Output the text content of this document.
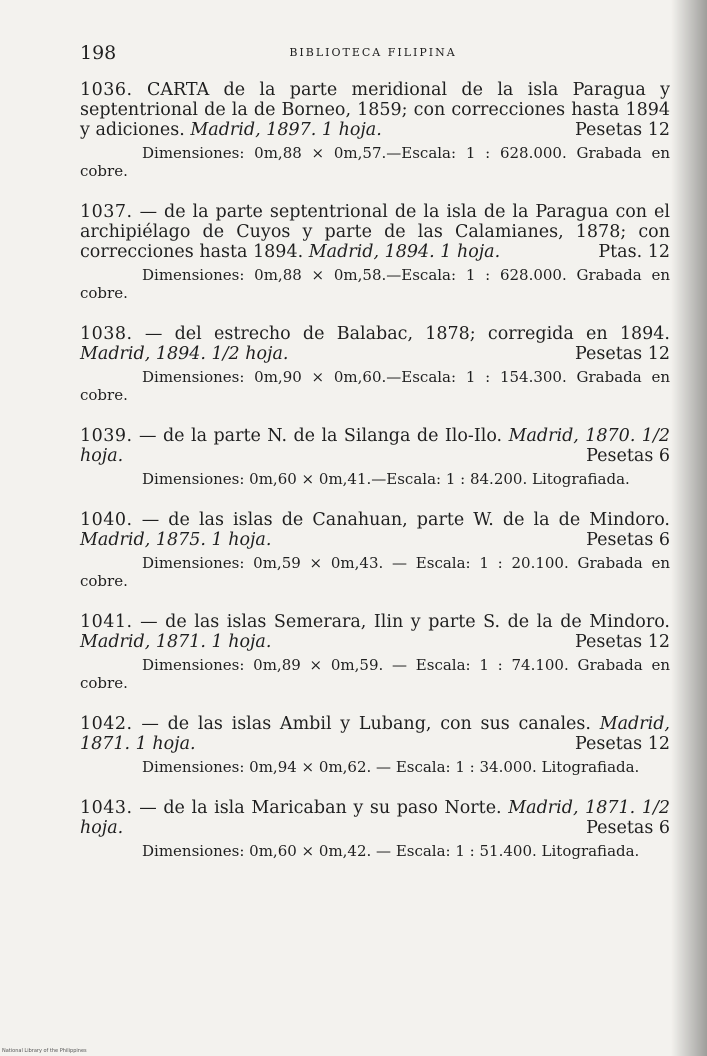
198	BIBLIOTECA FILIPINA
1036. CARTA de la parte meridional de la isla Paragua y septentrional de la de Borneo, 1859; con correcciones hasta 1894 y adiciones. Madrid, 1897. 1 hoja.	Pesetas 12
Dimensiones: 0m,88 × 0m,57.—Escala: 1 : 628.000. Grabada en cobre.
1037. — de la parte septentrional de la isla de la Paragua con el archipiélago de Cuyos y parte de las Calamianes, 1878; con correcciones hasta 1894. Madrid, 1894. 1 hoja.	Ptas. 12
Dimensiones: 0m,88 × 0m,58.—Escala: 1 : 628.000. Grabada en cobre.
1038. — del estrecho de Balabac, 1878; corregida en 1894. Madrid, 1894. 1/2 hoja.	Pesetas 12
Dimensiones: 0m,90 × 0m,60.—Escala: 1 : 154.300. Grabada en cobre.
1039. — de la parte N. de la Silanga de Ilo-Ilo. Madrid, 1870. 1/2 hoja.	Pesetas 6
Dimensiones: 0m,60 × 0m,41.—Escala: 1 : 84.200. Litografiada.
1040. — de las islas de Canahuan, parte W. de la de Mindoro. Madrid, 1875. 1 hoja.	Pesetas 6
Dimensiones: 0m,59 × 0m,43. — Escala: 1 : 20.100. Grabada en cobre.
1041. — de las islas Semerara, Ilin y parte S. de la de Mindoro. Madrid, 1871. 1 hoja.	Pesetas 12
Dimensiones: 0m,89 × 0m,59. — Escala: 1 : 74.100. Grabada en cobre.
1042. — de las islas Ambil y Lubang, con sus canales. Madrid, 1871. 1 hoja.	Pesetas 12
Dimensiones: 0m,94 × 0m,62. — Escala: 1 : 34.000. Litografiada.
1043. — de la isla Maricaban y su paso Norte. Madrid, 1871. 1/2 hoja.	Pesetas 6
Dimensiones: 0m,60 × 0m,42. — Escala: 1 : 51.400. Litografiada.
National Library of the Philippines
